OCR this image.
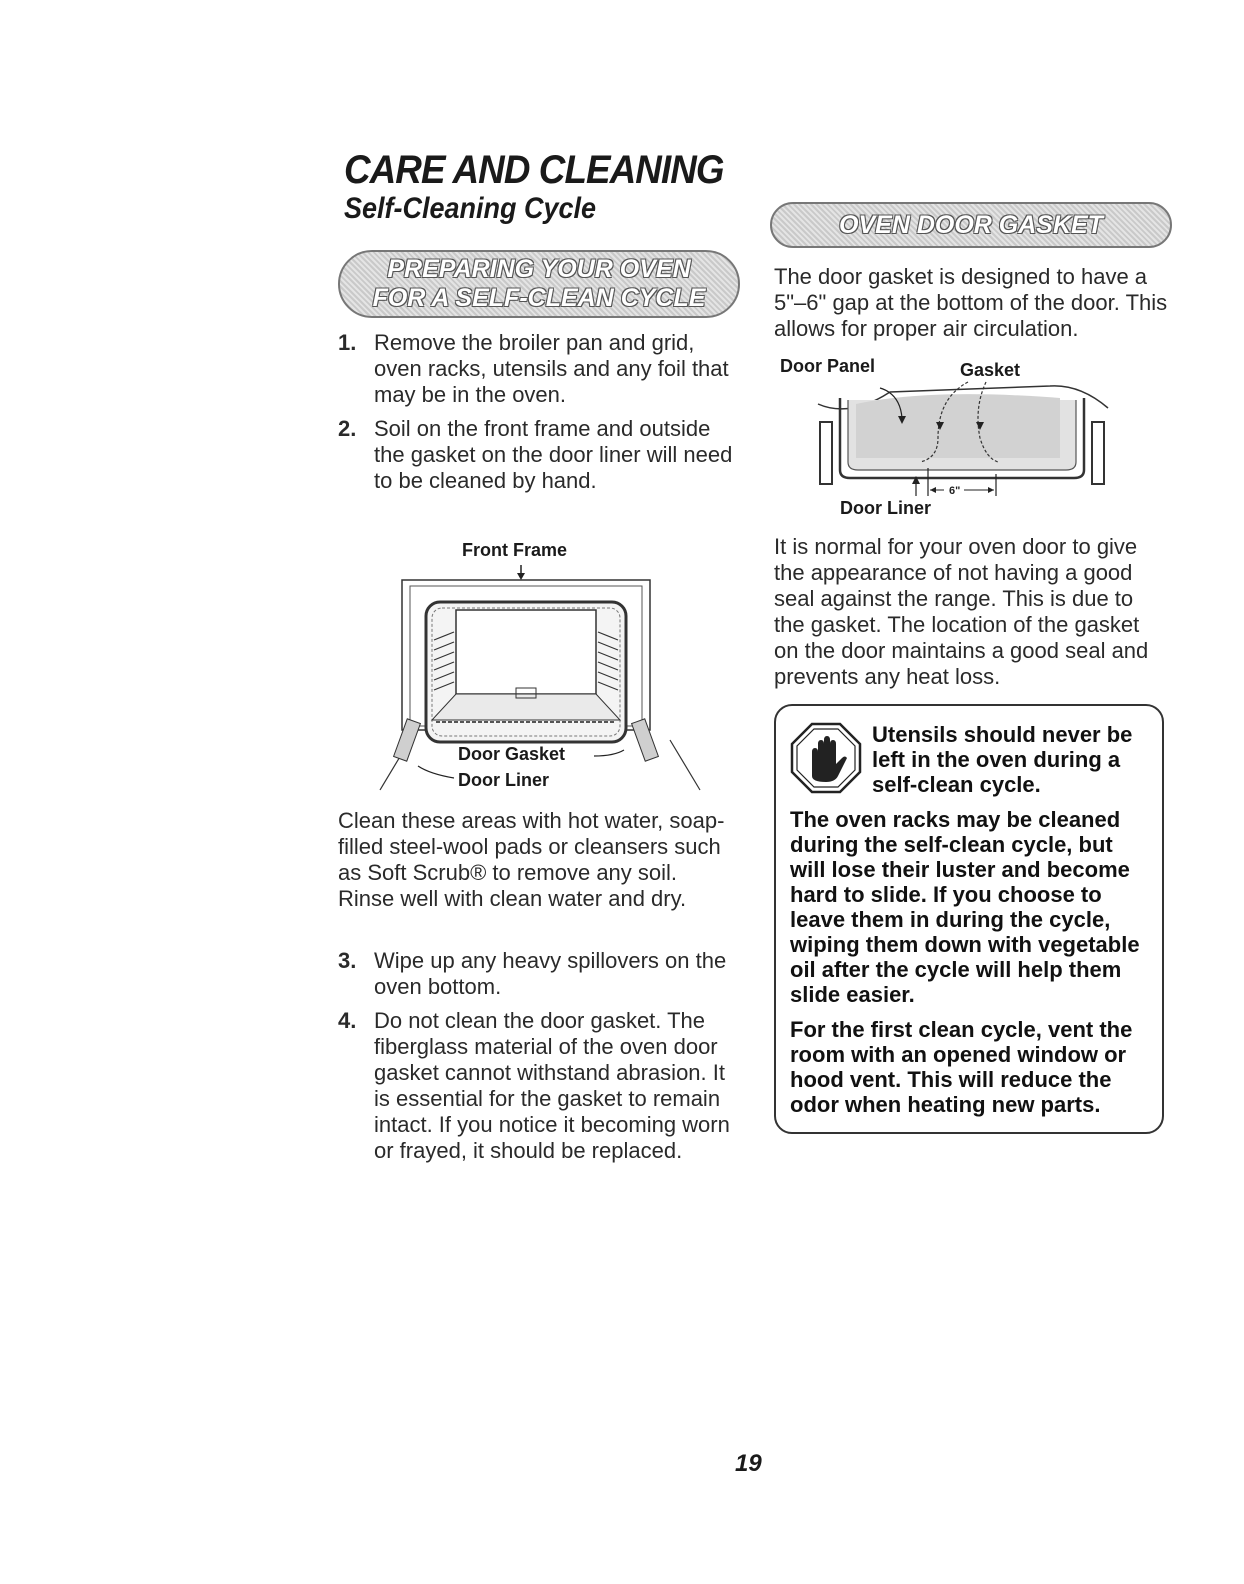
CARE AND CLEANING
Self-Cleaning Cycle
PREPARING YOUR OVEN
FOR A SELF-CLEAN CYCLE
1. Remove the broiler pan and grid, oven racks, utensils and any foil that may be in the oven.
2. Soil on the front frame and outside the gasket on the door liner will need to be cleaned by hand.
Front Frame
Door Gasket
Door Liner
Clean these areas with hot water, soap-filled steel-wool pads or cleansers such as Soft Scrub® to remove any soil. Rinse well with clean water and dry.
3. Wipe up any heavy spillovers on the oven bottom.
4. Do not clean the door gasket. The fiberglass material of the oven door gasket cannot withstand abrasion. It is essential for the gasket to remain intact. If you notice it becoming worn or frayed, it should be replaced.
OVEN DOOR GASKET
The door gasket is designed to have a 5"–6" gap at the bottom of the door. This allows for proper air circulation.
Door Panel	Gasket
6"
Door Liner
It is normal for your oven door to give the appearance of not having a good seal against the range. This is due to the gasket. The location of the gasket on the door maintains a good seal and prevents any heat loss.
Utensils should never be left in the oven during a self-clean cycle.
The oven racks may be cleaned during the self-clean cycle, but will lose their luster and become hard to slide. If you choose to leave them in during the cycle, wiping them down with vegetable oil after the cycle will help them slide easier.
For the first clean cycle, vent the room with an opened window or hood vent. This will reduce the odor when heating new parts.
19
